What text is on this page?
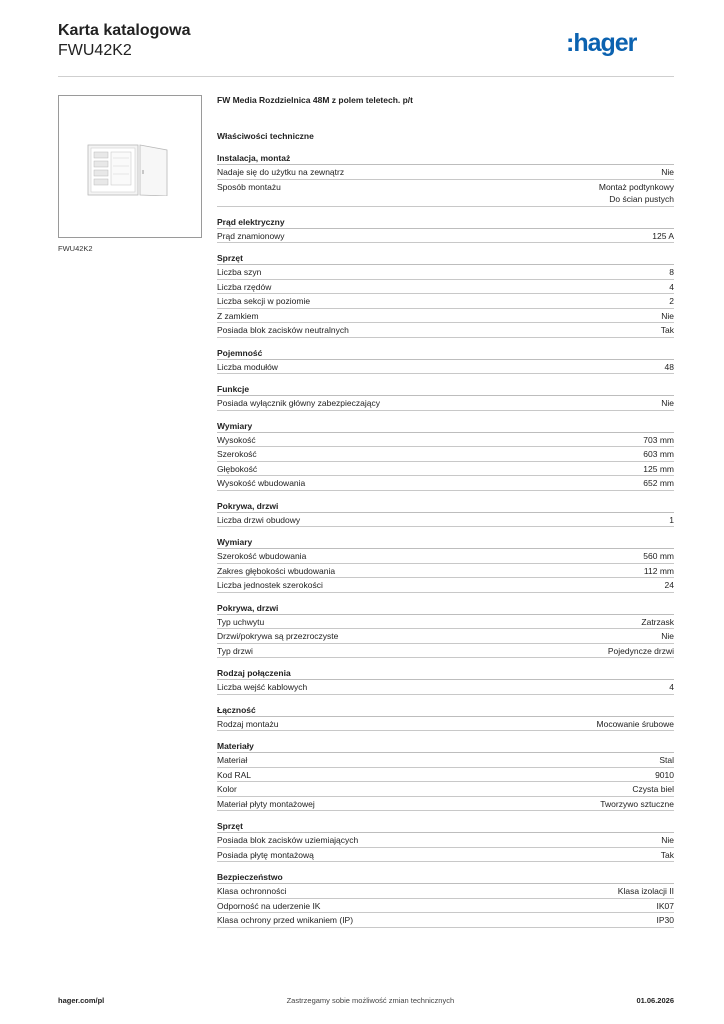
Karta katalogowa
FWU42K2	:hager
FWU42K2
FW Media Rozdzielnica 48M z polem teletech. p/t
Właściwości techniczne
Instalacja, montaż
Nadaje się do użytku na zewnątrz	Nie
Sposób montażu	Montaż podtynkowy
Do ścian pustych
Prąd elektryczny
Prąd znamionowy	125 A
Sprzęt
Liczba szyn	8
Liczba rzędów	4
Liczba sekcji w poziomie	2
Z zamkiem	Nie
Posiada blok zacisków neutralnych	Tak
Pojemność
Liczba modułów	48
Funkcje
Posiada wyłącznik główny zabezpieczający	Nie
Wymiary
Wysokość	703 mm
Szerokość	603 mm
Głębokość	125 mm
Wysokość wbudowania	652 mm
Pokrywa, drzwi
Liczba drzwi obudowy	1
Wymiary
Szerokość wbudowania	560 mm
Zakres głębokości wbudowania	112 mm
Liczba jednostek szerokości	24
Pokrywa, drzwi
Typ uchwytu	Zatrzask
Drzwi/pokrywa są przezroczyste	Nie
Typ drzwi	Pojedyncze drzwi
Rodzaj połączenia
Liczba wejść kablowych	4
Łączność
Rodzaj montażu	Mocowanie śrubowe
Materiały
Materiał	Stal
Kod RAL	9010
Kolor	Czysta biel
Materiał płyty montażowej	Tworzywo sztuczne
Sprzęt
Posiada blok zacisków uziemiających	Nie
Posiada płytę montażową	Tak
Bezpieczeństwo
Klasa ochronności	Klasa izolacji II
Odporność na uderzenie IK	IK07
Klasa ochrony przed wnikaniem (IP)	IP30
hager.com/pl	Zastrzegamy sobie możliwość zmian technicznych	01.06.2026
